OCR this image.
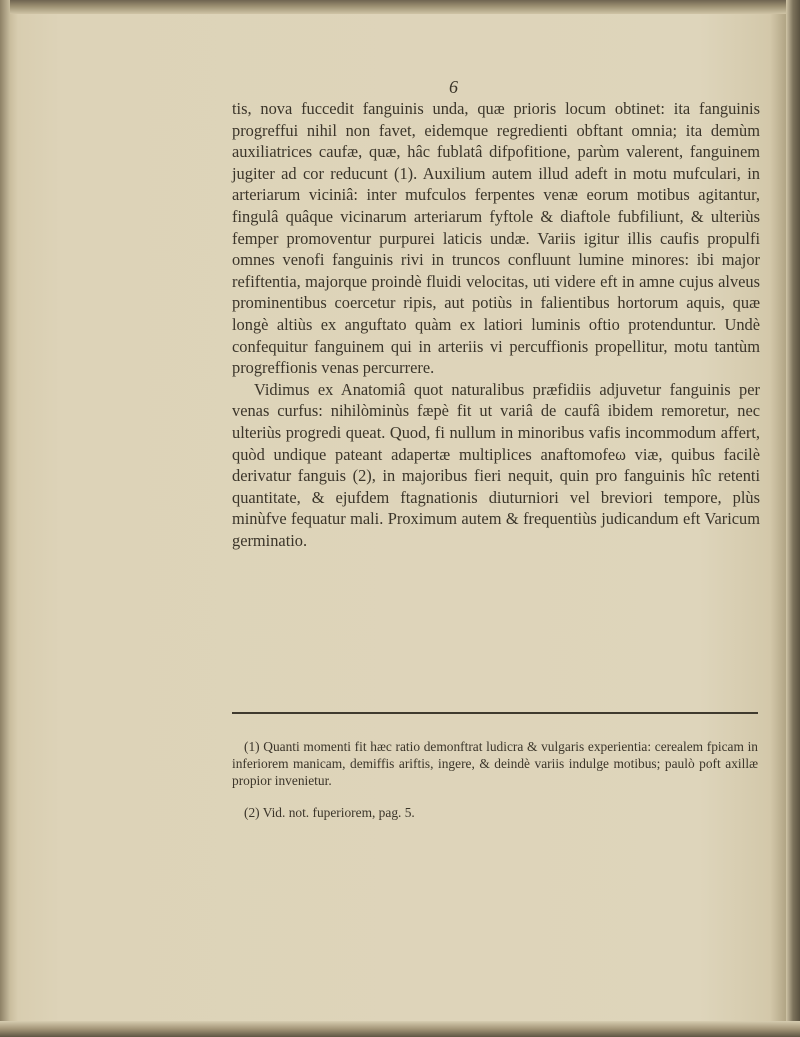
6

tis, nova fuccedit fanguinis unda, quæ prioris locum obtinet: ita fanguinis progreffui nihil non favet, eidemque regredienti obftant omnia; ita demùm auxiliatrices caufæ, quæ, hâc fublatâ difpofitione, parùm valerent, fanguinem jugiter ad cor reducunt (1). Auxilium autem illud adeft in motu mufculari, in arteriarum viciniâ: inter mufculos ferpentes venæ eorum motibus agitantur, fingulâ quâque vicinarum arteriarum fyftole & diaftole fubfiliunt, & ulteriùs femper promoventur purpurei laticis undæ. Variis igitur illis caufis propulfi omnes venofi fanguinis rivi in truncos confluunt lumine minores: ibi major refiftentia, majorque proindè fluidi velocitas, uti videre eft in amne cujus alveus prominentibus coercetur ripis, aut potiùs in falientibus hortorum aquis, quæ longè altiùs ex anguftato quàm ex latiori luminis oftio protenduntur. Undè confequitur fanguinem qui in arteriis vi percuffionis propellitur, motu tantùm progreffionis venas percurrere.

Vidimus ex Anatomiâ quot naturalibus præfidiis adjuvetur fanguinis per venas curfus: nihilòminùs fæpè fit ut variâ de caufâ ibidem remoretur, nec ulteriùs progredi queat. Quod, fi nullum in minoribus vafis incommodum affert, quòd undique pateant adapertæ multiplices anaftomofeω viæ, quibus facilè derivatur fanguis (2), in majoribus fieri nequit, quin pro fanguinis hîc retenti quantitate, & ejufdem ftagnationis diuturniori vel breviori tempore, plùs minùfve fequatur mali. Proximum autem & frequentiùs judicandum eft Varicum germinatio.

(1) Quanti momenti fit hæc ratio demonftrat ludicra & vulgaris experientia: cerealem fpicam in inferiorem manicam, demiffis ariftis, ingere, & deindè variis indulge motibus; paulò poft axillæ propior invenietur.

(2) Vid. not. fuperiorem, pag. 5.
